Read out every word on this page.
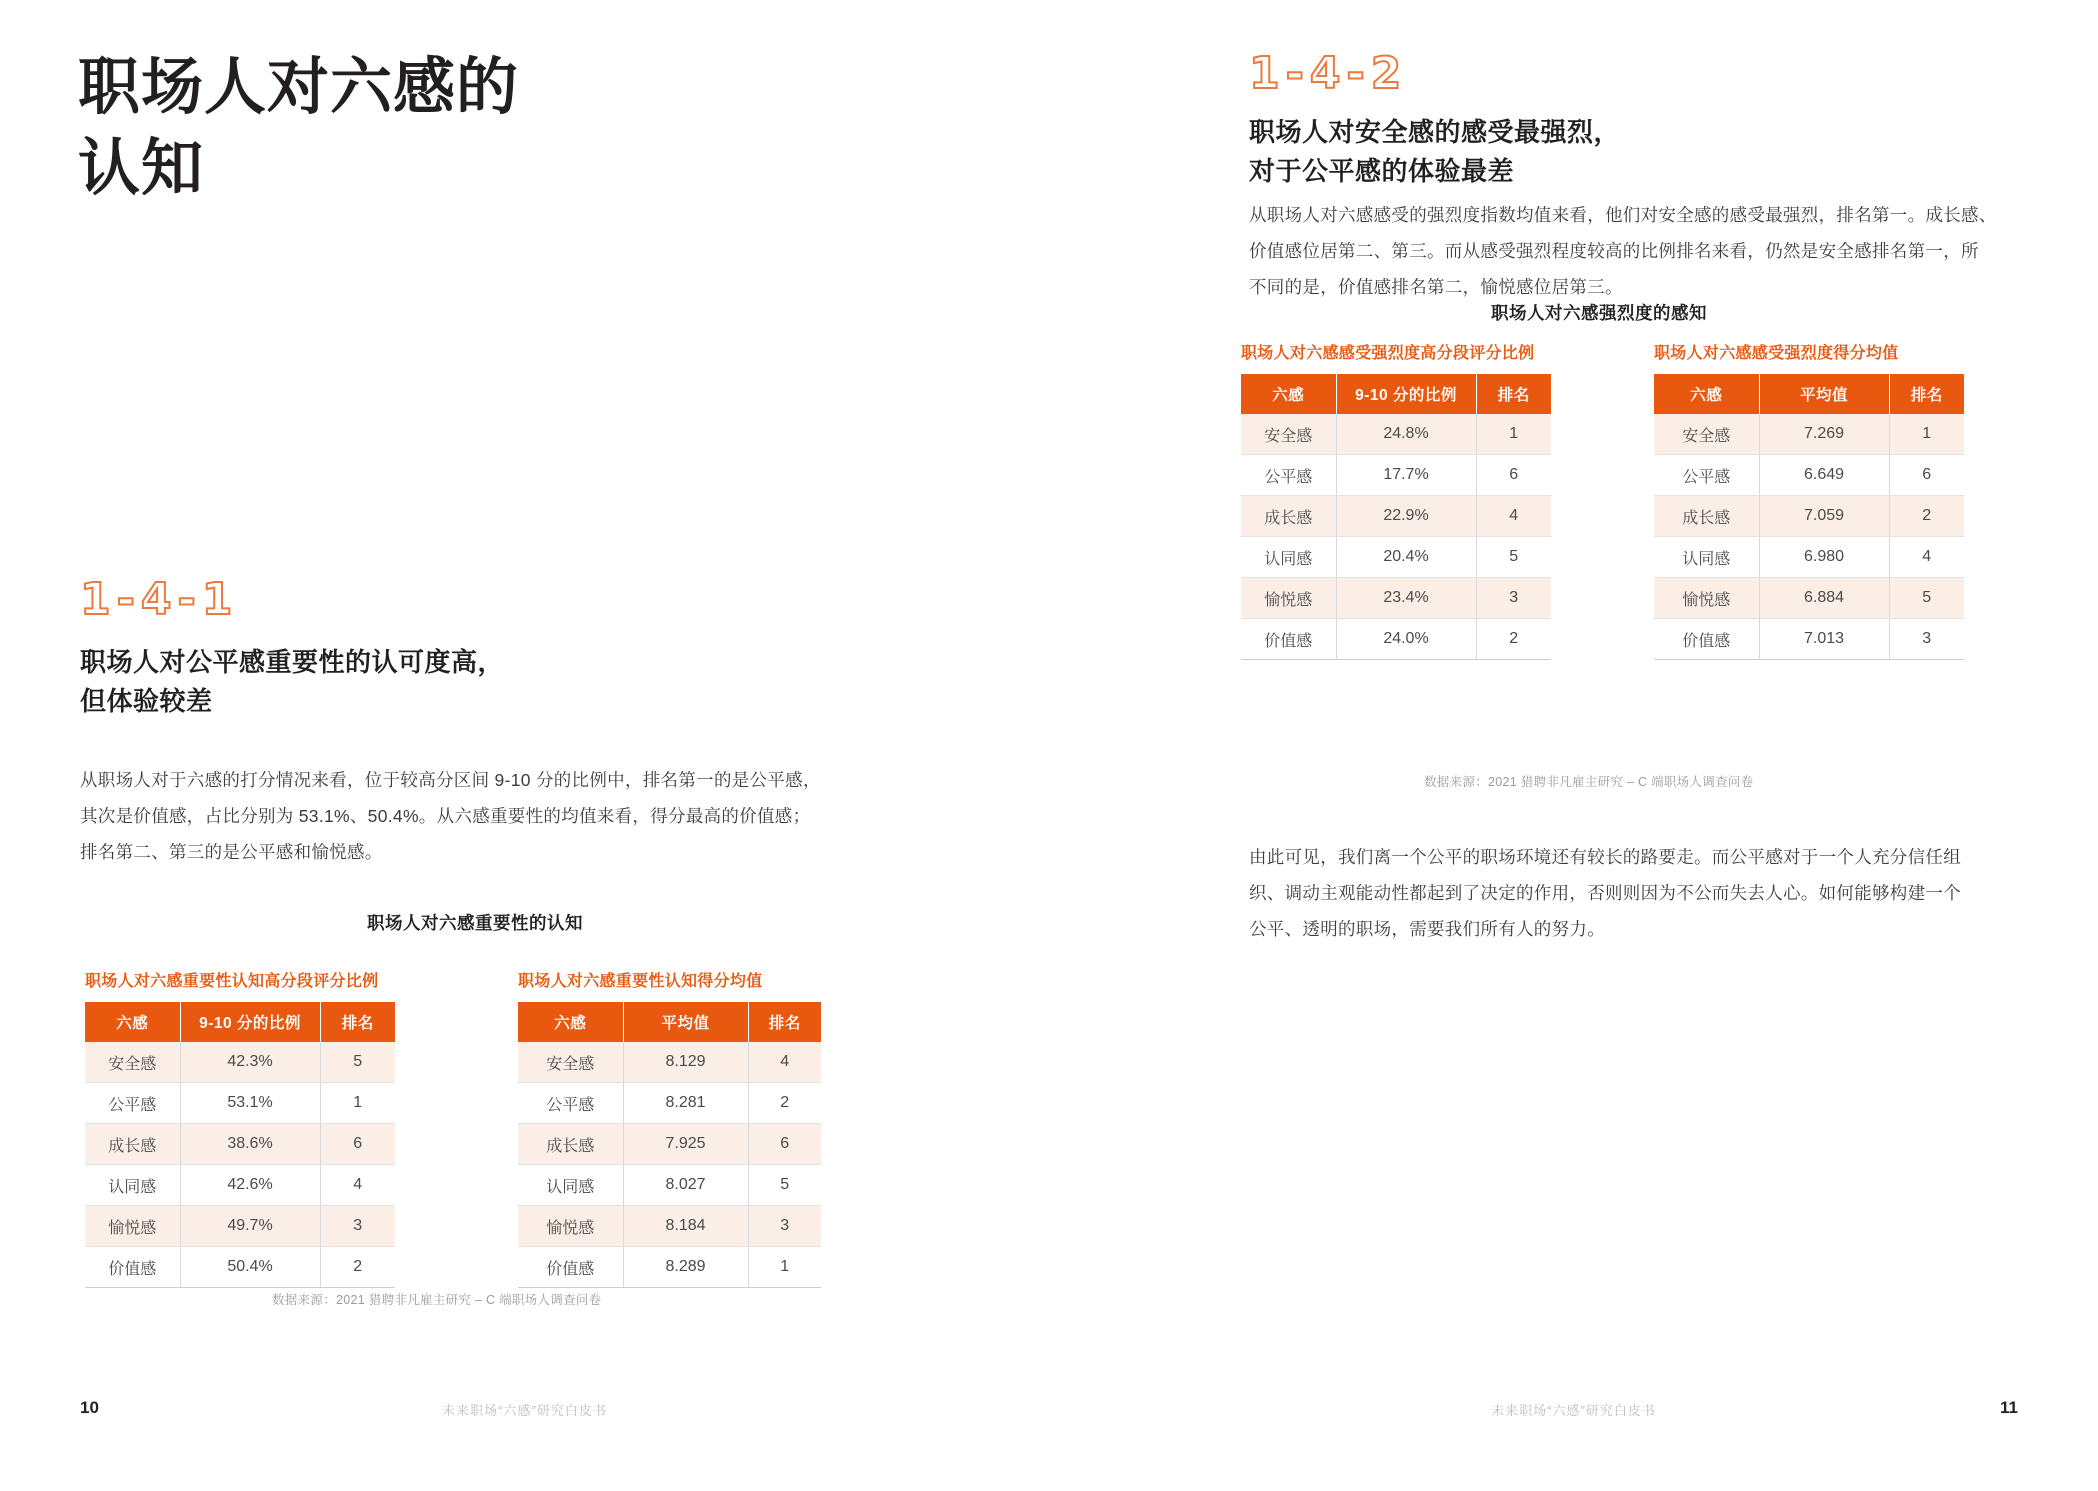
职场人对六感的
认知
1-4-1
职场人对公平感重要性的认可度高，
但体验较差
从职场人对于六感的打分情况来看，位于较高分区间 9-10 分的比例中，排名第一的是公平感，
其次是价值感，占比分别为 53.1%、50.4%。从六感重要性的均值来看，得分最高的价值感；
排名第二、第三的是公平感和愉悦感。
职场人对六感重要性的认知
职场人对六感重要性认知高分段评分比例
六感	9-10 分的比例	排名
安全感	42.3%	5
公平感	53.1%	1
成长感	38.6%	6
认同感	42.6%	4
愉悦感	49.7%	3
价值感	50.4%	2
职场人对六感重要性认知得分均值
六感	平均值	排名
安全感	8.129	4
公平感	8.281	2
成长感	7.925	6
认同感	8.027	5
愉悦感	8.184	3
价值感	8.289	1
数据来源：2021 猎聘非凡雇主研究 – C 端职场人调查问卷
10	未来职场“六感”研究白皮书
1-4-2
职场人对安全感的感受最强烈，
对于公平感的体验最差
从职场人对六感感受的强烈度指数均值来看，他们对安全感的感受最强烈，排名第一。成长感、
价值感位居第二、第三。而从感受强烈程度较高的比例排名来看，仍然是安全感排名第一，所
不同的是，价值感排名第二，愉悦感位居第三。
职场人对六感强烈度的感知
职场人对六感感受强烈度高分段评分比例
六感	9-10 分的比例	排名
安全感	24.8%	1
公平感	17.7%	6
成长感	22.9%	4
认同感	20.4%	5
愉悦感	23.4%	3
价值感	24.0%	2
职场人对六感感受强烈度得分均值
六感	平均值	排名
安全感	7.269	1
公平感	6.649	6
成长感	7.059	2
认同感	6.980	4
愉悦感	6.884	5
价值感	7.013	3
数据来源：2021 猎聘非凡雇主研究 – C 端职场人调查问卷
由此可见，我们离一个公平的职场环境还有较长的路要走。而公平感对于一个人充分信任组
织、调动主观能动性都起到了决定的作用，否则则因为不公而失去人心。如何能够构建一个
公平、透明的职场，需要我们所有人的努力。
11
未来职场“六感”研究白皮书
